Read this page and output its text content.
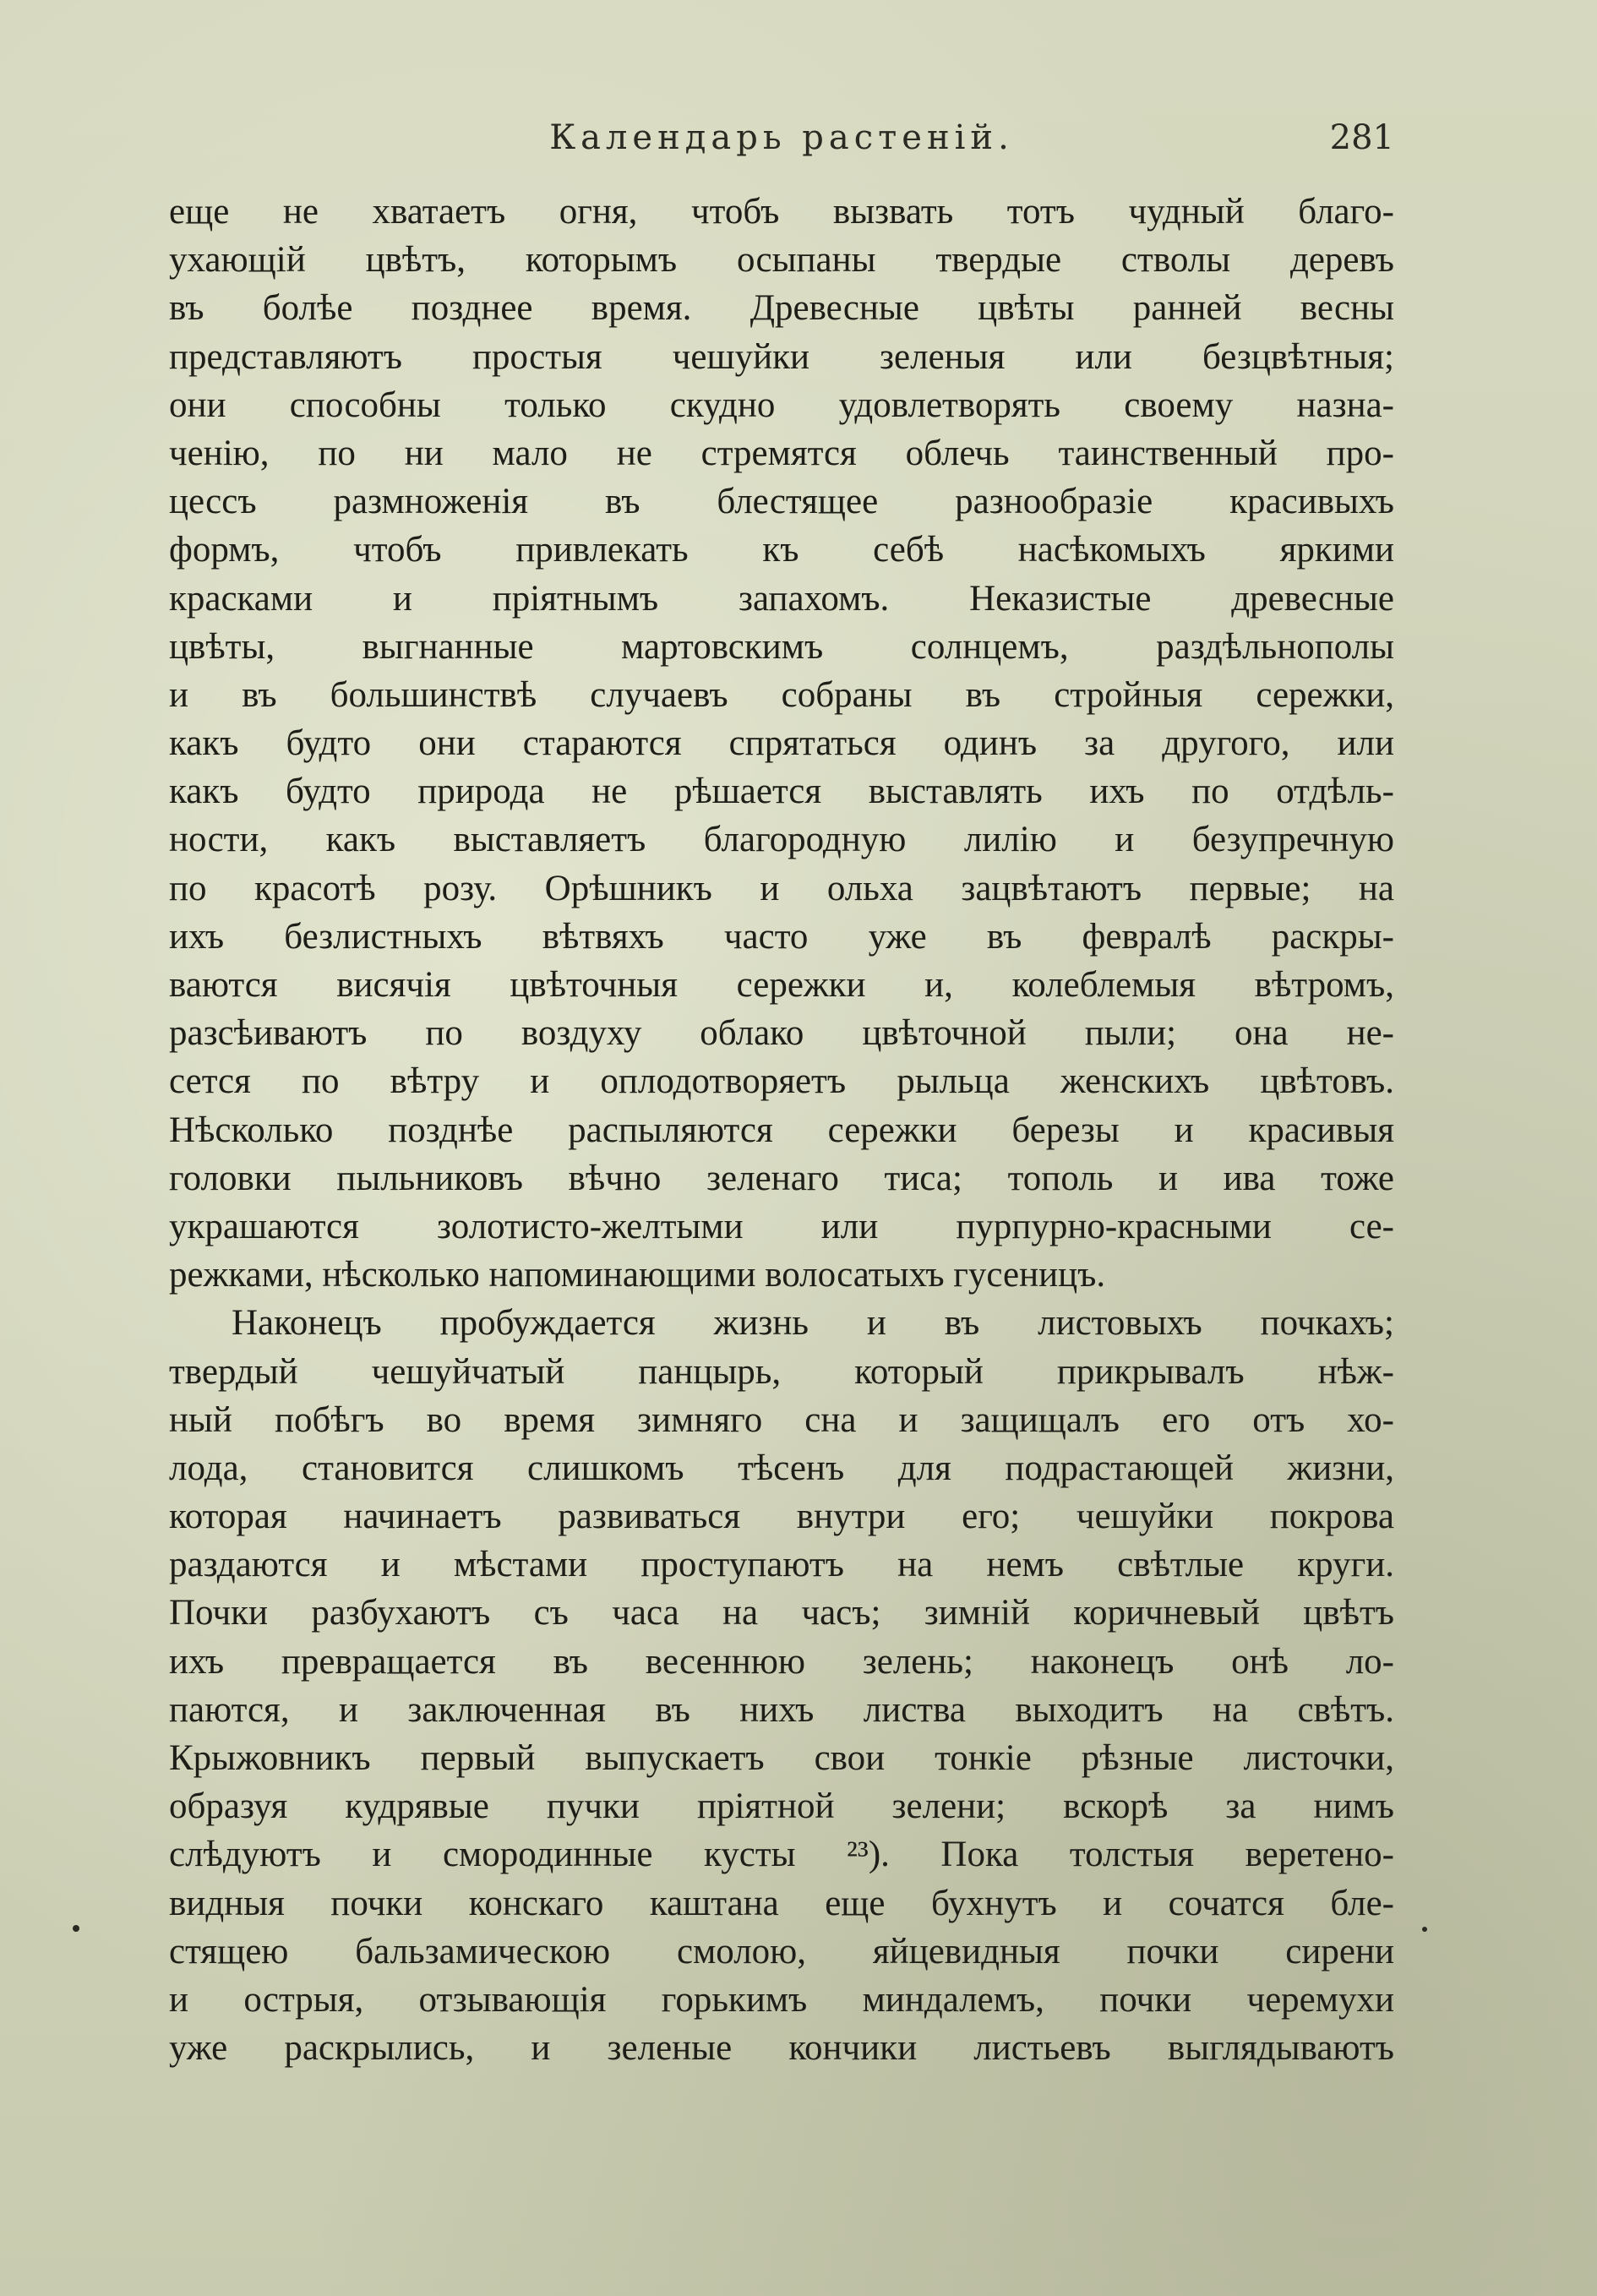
Календарь растеній.	281
еще не хватаетъ огня, чтобъ вызвать тотъ чудный благо-
ухающій цвѣтъ, которымъ осыпаны твердые стволы деревъ
въ болѣе позднее время. Древесные цвѣты ранней весны
представляютъ простыя чешуйки зеленыя или безцвѣтныя;
они способны только скудно удовлетворять своему назна-
ченію, по ни мало не стремятся облечь таинственный про-
цессъ размноженія въ блестящее разнообразіе красивыхъ
формъ, чтобъ привлекать къ себѣ насѣкомыхъ яркими
красками и пріятнымъ запахомъ. Неказистые древесные
цвѣты, выгнанные мартовскимъ солнцемъ, раздѣльнополы
и въ большинствѣ случаевъ собраны въ стройныя сережки,
какъ будто они стараются спрятаться одинъ за другого, или
какъ будто природа не рѣшается выставлять ихъ по отдѣль-
ности, какъ выставляетъ благородную лилію и безупречную
по красотѣ розу. Орѣшникъ и ольха зацвѣтаютъ первые; на
ихъ безлистныхъ вѣтвяхъ часто уже въ февралѣ раскры-
ваются висячія цвѣточныя сережки и, колеблемыя вѣтромъ,
разсѣиваютъ по воздуху облако цвѣточной пыли; она не-
сется по вѣтру и оплодотворяетъ рыльца женскихъ цвѣтовъ.
Нѣсколько позднѣе распыляются сережки березы и красивыя
головки пыльниковъ вѣчно зеленаго тиса; тополь и ива тоже
украшаются золотисто-желтыми или пурпурно-красными се-
режками, нѣсколько напоминающими волосатыхъ гусеницъ.
Наконецъ пробуждается жизнь и въ листовыхъ почкахъ;
твердый чешуйчатый панцырь, который прикрывалъ нѣж-
ный побѣгъ во время зимняго сна и защищалъ его отъ хо-
лода, становится слишкомъ тѣсенъ для подрастающей жизни,
которая начинаетъ развиваться внутри его; чешуйки покрова
раздаются и мѣстами проступаютъ на немъ свѣтлые круги.
Почки разбухаютъ съ часа на часъ; зимній коричневый цвѣтъ
ихъ превращается въ весеннюю зелень; наконецъ онѣ ло-
паются, и заключенная въ нихъ листва выходитъ на свѣтъ.
Крыжовникъ первый выпускаетъ свои тонкіе рѣзные листочки,
образуя кудрявые пучки пріятной зелени; вскорѣ за нимъ
слѣдуютъ и смородинные кусты ²³). Пока толстыя веретено-
видныя почки конскаго каштана еще бухнутъ и сочатся бле-
стящею бальзамическою смолою, яйцевидныя почки сирени
и острыя, отзывающія горькимъ миндалемъ, почки черемухи
уже раскрылись, и зеленые кончики листьевъ выглядываютъ
